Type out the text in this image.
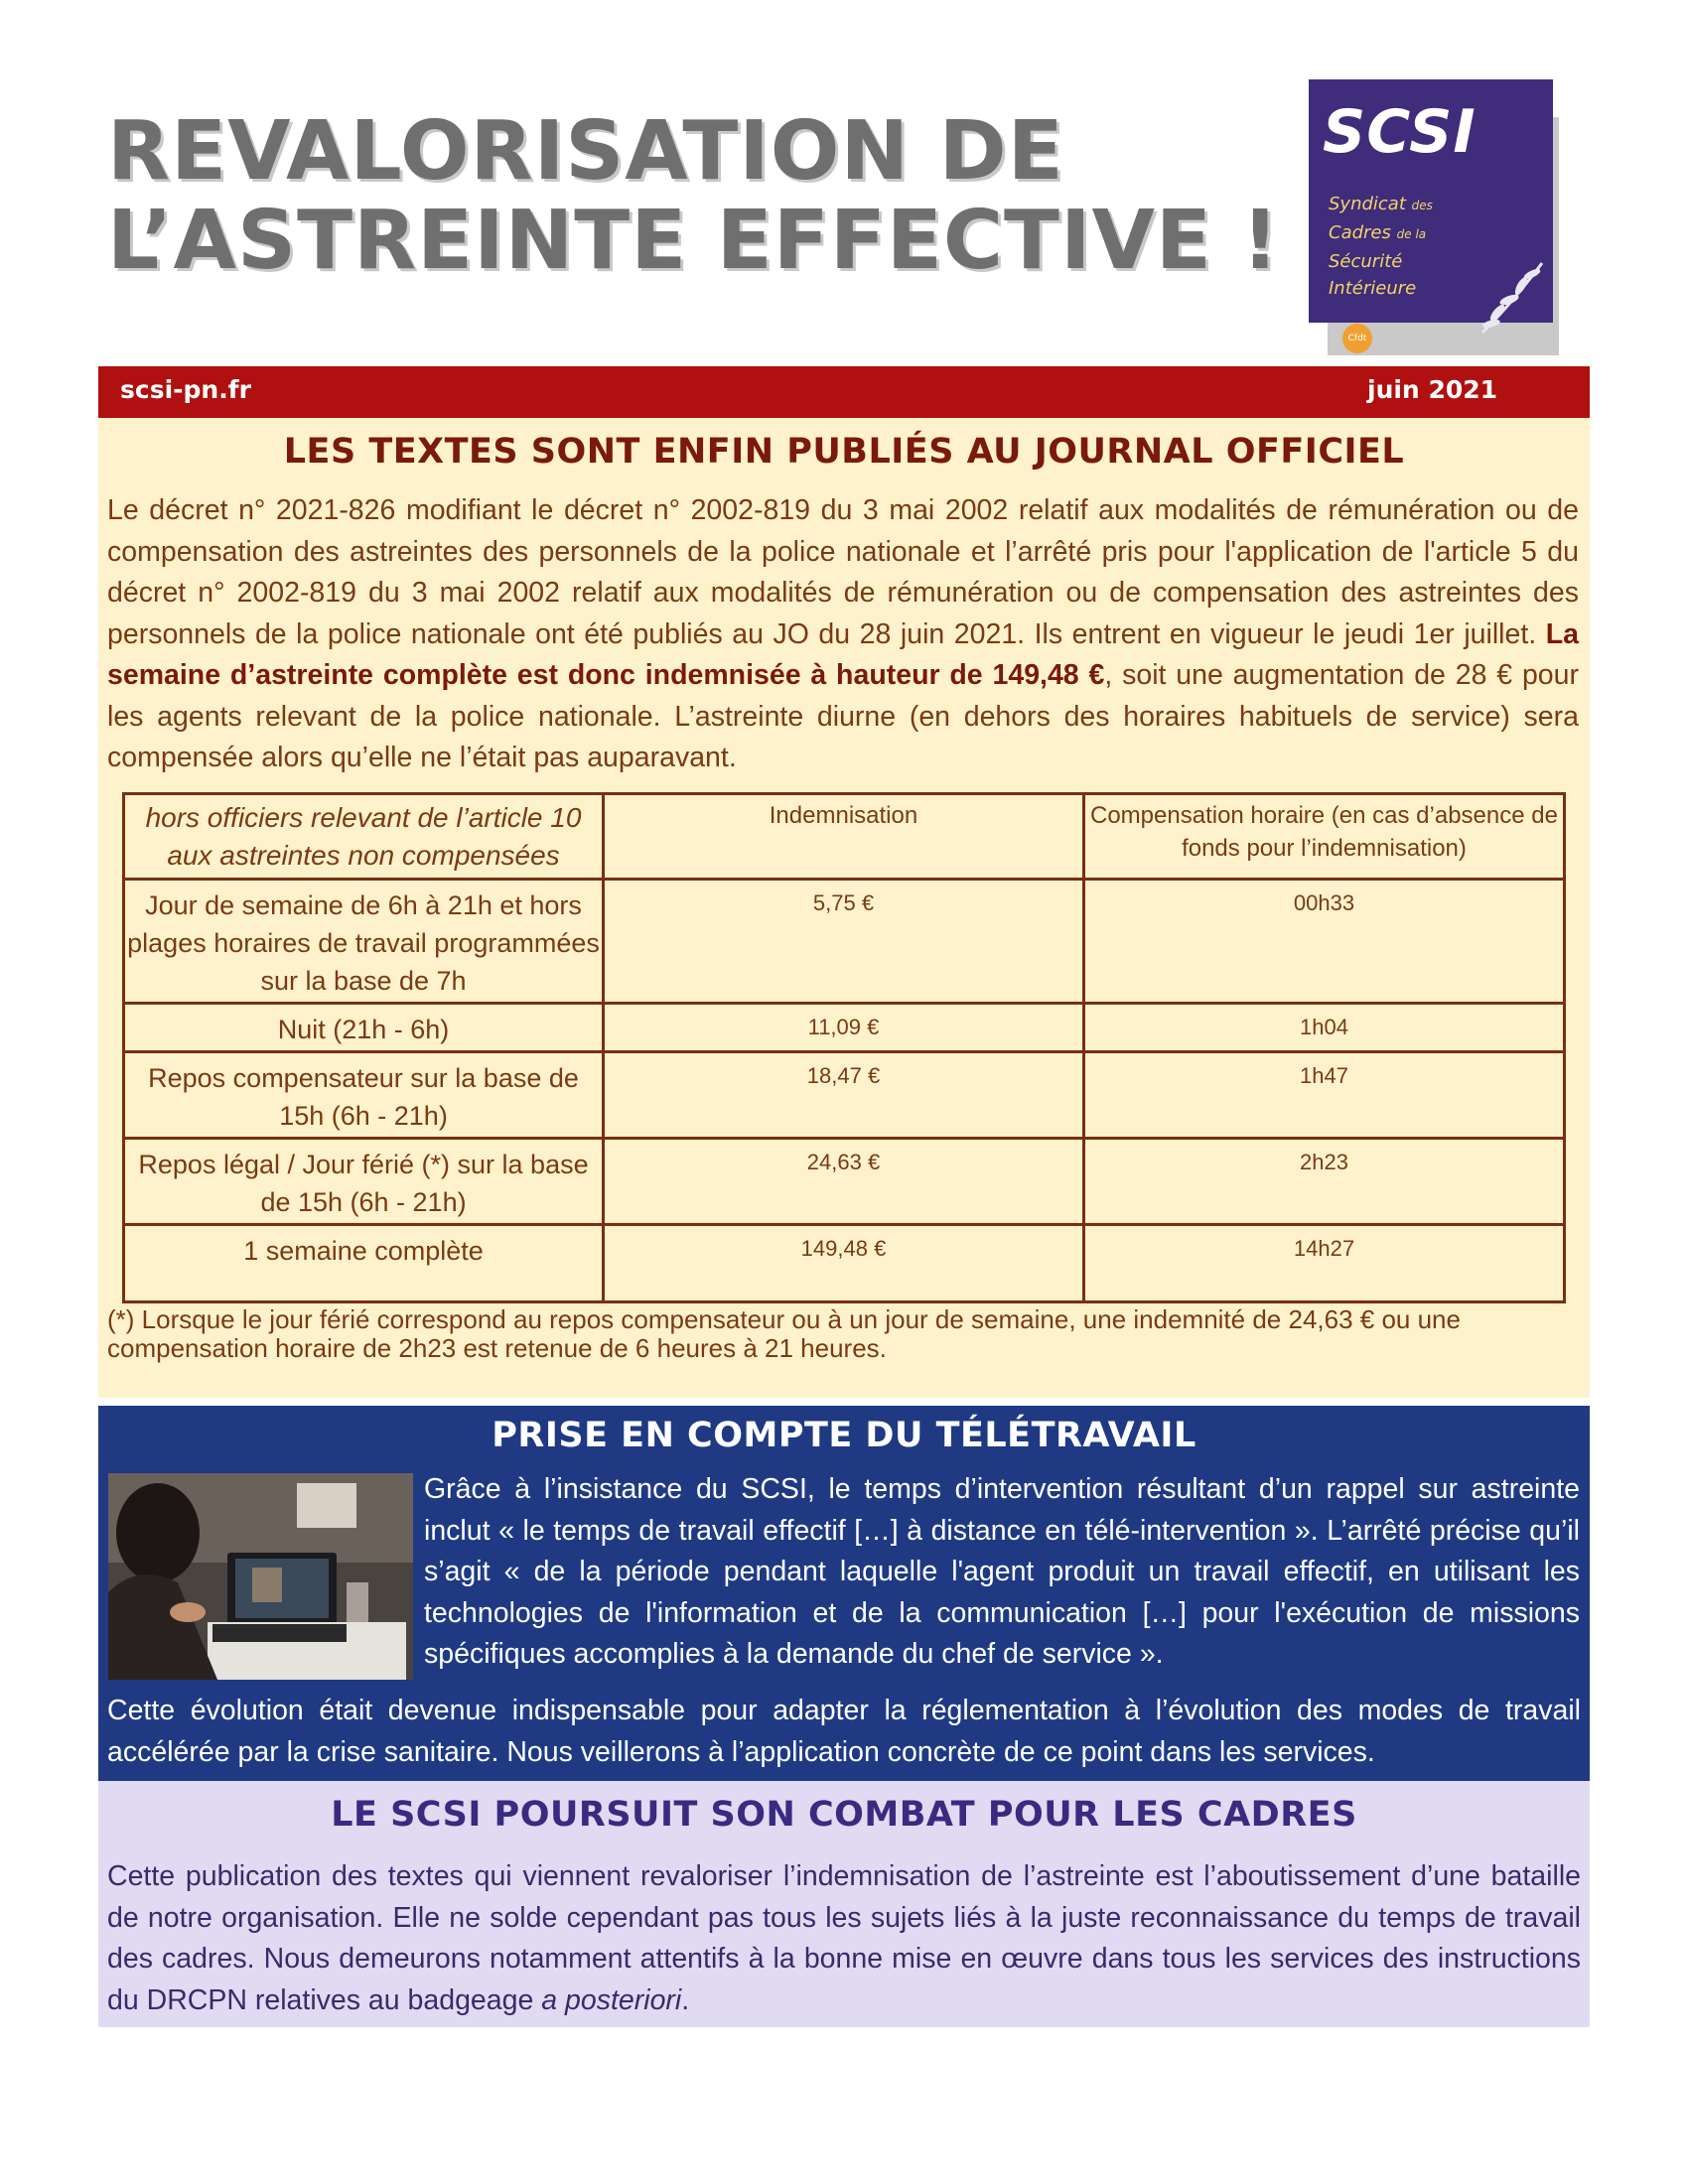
REVALORISATION DE
L’ASTREINTE EFFECTIVE !
SCSI
Syndicat des
Cadres de la
Sécurité
Intérieure
Cfdt
scsi-pn.fr	juin 2021
LES TEXTES SONT ENFIN PUBLIÉS AU JOURNAL OFFICIEL

Le décret n° 2021-826 modifiant le décret n° 2002-819 du 3 mai 2002 relatif aux modalités de rémunération ou de compensation des astreintes des personnels de la police nationale et l’arrêté pris pour l'application de l'article 5 du décret n° 2002-819 du 3 mai 2002 relatif aux modalités de rémunération ou de compensation des astreintes des personnels de la police nationale ont été publiés au JO du 28 juin 2021. Ils entrent en vigueur le jeudi 1er juillet. La semaine d’astreinte complète est donc indemnisée à hauteur de 149,48 €, soit une augmentation de 28 € pour les agents relevant de la police nationale. L’astreinte diurne (en dehors des horaires habituels de service) sera compensée alors qu’elle ne l’était pas auparavant.

hors officiers relevant de l’article 10 aux astreintes non compensées	Indemnisation	Compensation horaire (en cas d’absence de fonds pour l’indemnisation)
Jour de semaine de 6h à 21h et hors plages horaires de travail programmées sur la base de 7h	5,75 €	00h33
Nuit (21h - 6h)	11,09 €	1h04
Repos compensateur sur la base de 15h (6h - 21h)	18,47 €	1h47
Repos légal / Jour férié (*) sur la base de 15h (6h - 21h)	24,63 €	2h23
1 semaine complète	149,48 €	14h27

(*) Lorsque le jour férié correspond au repos compensateur ou à un jour de semaine, une indemnité de 24,63 € ou une compensation horaire de 2h23 est retenue de 6 heures à 21 heures.

PRISE EN COMPTE DU TÉLÉTRAVAIL

Grâce à l’insistance du SCSI, le temps d’intervention résultant d’un rappel sur astreinte inclut « le temps de travail effectif […] à distance en télé-intervention ». L’arrêté précise qu’il s’agit « de la période pendant laquelle l'agent produit un travail effectif, en utilisant les technologies de l'information et de la communication […] pour l'exécution de missions spécifiques accomplies à la demande du chef de service ».

Cette évolution était devenue indispensable pour adapter la réglementation à l’évolution des modes de travail accélérée par la crise sanitaire. Nous veillerons à l’application concrète de ce point dans les services.

LE SCSI POURSUIT SON COMBAT POUR LES CADRES

Cette publication des textes qui viennent revaloriser l’indemnisation de l’astreinte est l’aboutissement d’une bataille de notre organisation. Elle ne solde cependant pas tous les sujets liés à la juste reconnaissance du temps de travail des cadres. Nous demeurons notamment attentifs à la bonne mise en œuvre dans tous les services des instructions du DRCPN relatives au badgeage a posteriori.
